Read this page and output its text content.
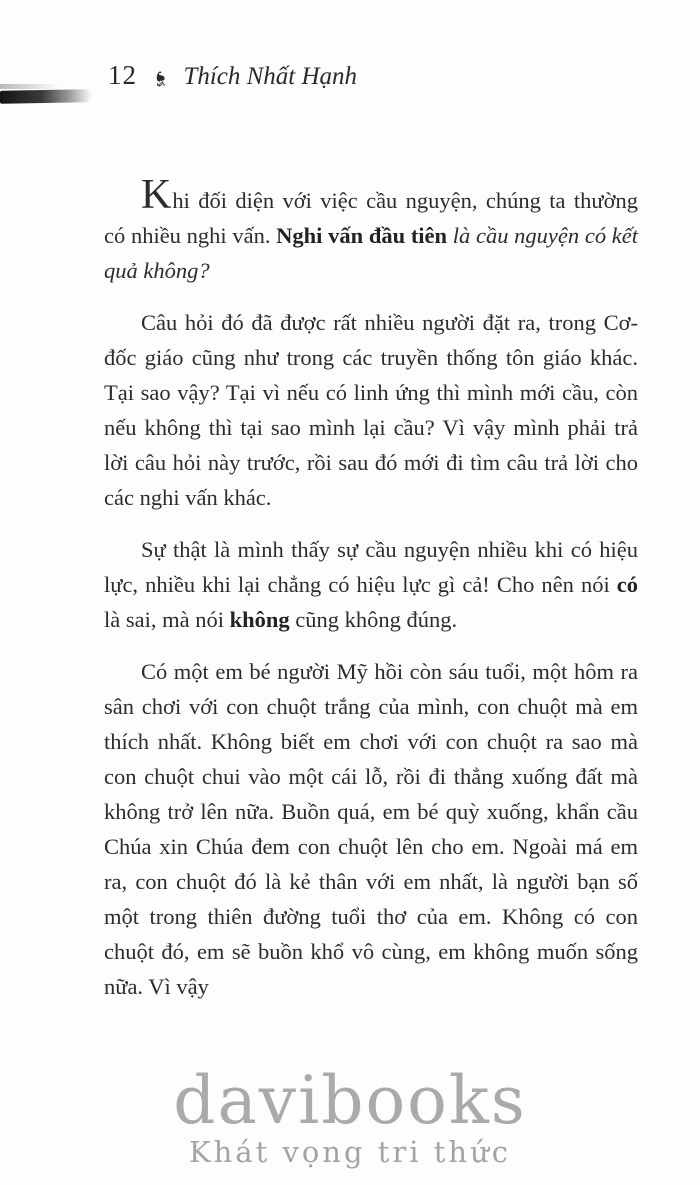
12 ❧ Thích Nhất Hạnh

Khi đối diện với việc cầu nguyện, chúng ta thường có nhiều nghi vấn. Nghi vấn đầu tiên là cầu nguyện có kết quả không?

Câu hỏi đó đã được rất nhiều người đặt ra, trong Cơ-đốc giáo cũng như trong các truyền thống tôn giáo khác. Tại sao vậy? Tại vì nếu có linh ứng thì mình mới cầu, còn nếu không thì tại sao mình lại cầu? Vì vậy mình phải trả lời câu hỏi này trước, rồi sau đó mới đi tìm câu trả lời cho các nghi vấn khác.

Sự thật là mình thấy sự cầu nguyện nhiều khi có hiệu lực, nhiều khi lại chẳng có hiệu lực gì cả! Cho nên nói có là sai, mà nói không cũng không đúng.

Có một em bé người Mỹ hồi còn sáu tuổi, một hôm ra sân chơi với con chuột trắng của mình, con chuột mà em thích nhất. Không biết em chơi với con chuột ra sao mà con chuột chui vào một cái lỗ, rồi đi thẳng xuống đất mà không trở lên nữa. Buồn quá, em bé quỳ xuống, khẩn cầu Chúa xin Chúa đem con chuột lên cho em. Ngoài má em ra, con chuột đó là kẻ thân với em nhất, là người bạn số một trong thiên đường tuổi thơ của em. Không có con chuột đó, em sẽ buồn khổ vô cùng, em không muốn sống nữa. Vì vậy

davibooks
Khát vọng tri thức
